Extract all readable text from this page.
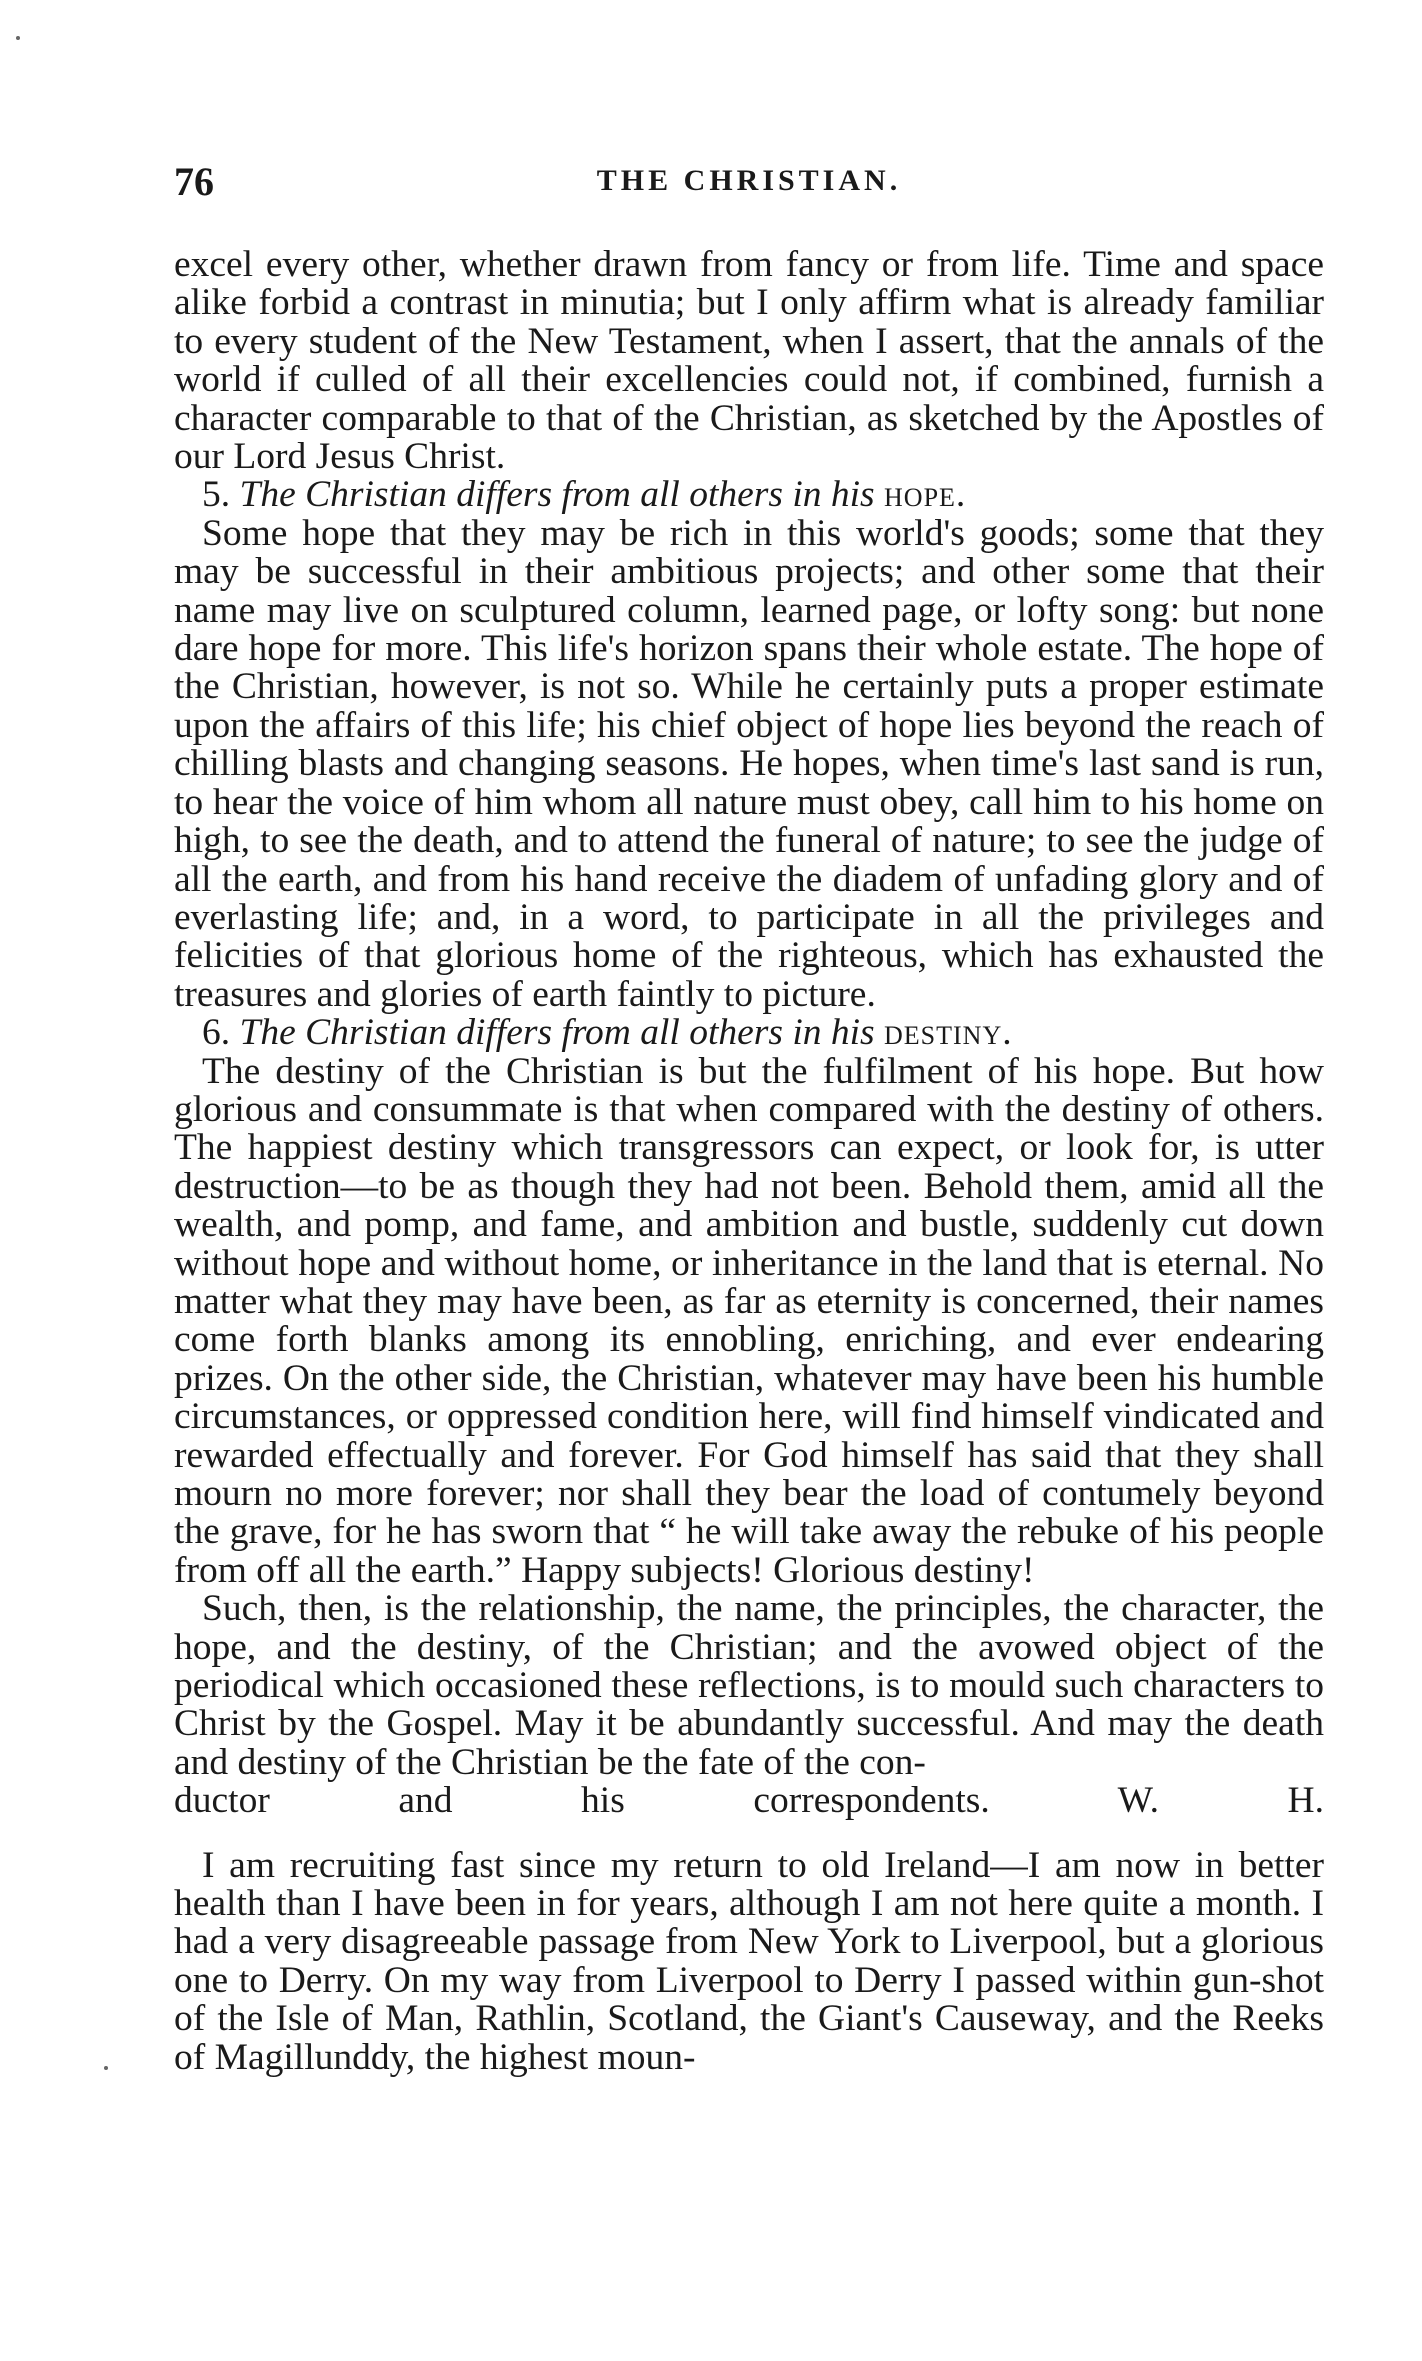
76	THE CHRISTIAN.

excel every other, whether drawn from fancy or from life. Time and space alike forbid a contrast in minutia; but I only affirm what is already familiar to every student of the New Testament, when I assert, that the annals of the world if culled of all their excellencies could not, if combined, furnish a character comparable to that of the Christian, as sketched by the Apostles of our Lord Jesus Christ.

5. The Christian differs from all others in his hope.

Some hope that they may be rich in this world's goods; some that they may be successful in their ambitious projects; and other some that their name may live on sculptured column, learned page, or lofty song: but none dare hope for more. This life's horizon spans their whole estate. The hope of the Christian, however, is not so. While he certainly puts a proper estimate upon the affairs of this life; his chief object of hope lies beyond the reach of chilling blasts and changing seasons. He hopes, when time's last sand is run, to hear the voice of him whom all nature must obey, call him to his home on high, to see the death, and to attend the funeral of nature; to see the judge of all the earth, and from his hand receive the diadem of unfading glory and of everlasting life; and, in a word, to participate in all the privileges and felicities of that glorious home of the righteous, which has exhausted the treasures and glories of earth faintly to picture.

6. The Christian differs from all others in his destiny.

The destiny of the Christian is but the fulfilment of his hope. But how glorious and consummate is that when compared with the destiny of others. The happiest destiny which transgressors can expect, or look for, is utter destruction—to be as though they had not been. Behold them, amid all the wealth, and pomp, and fame, and ambition and bustle, suddenly cut down without hope and without home, or inheritance in the land that is eternal. No matter what they may have been, as far as eternity is concerned, their names come forth blanks among its ennobling, enriching, and ever endearing prizes. On the other side, the Christian, whatever may have been his humble circumstances, or oppressed condition here, will find himself vindicated and rewarded effectually and forever. For God himself has said that they shall mourn no more forever; nor shall they bear the load of contumely beyond the grave, for he has sworn that “ he will take away the rebuke of his people from off all the earth.” Happy subjects! Glorious destiny!

Such, then, is the relationship, the name, the principles, the character, the hope, and the destiny, of the Christian; and the avowed object of the periodical which occasioned these reflections, is to mould such characters to Christ by the Gospel. May it be abundantly successful. And may the death and destiny of the Christian be the fate of the con-

ductor and his correspondents.	W. H.

I am recruiting fast since my return to old Ireland—I am now in better health than I have been in for years, although I am not here quite a month. I had a very disagreeable passage from New York to Liverpool, but a glorious one to Derry. On my way from Liverpool to Derry I passed within gun-shot of the Isle of Man, Rathlin, Scotland, the Giant's Causeway, and the Reeks of Magillunddy, the highest moun-
